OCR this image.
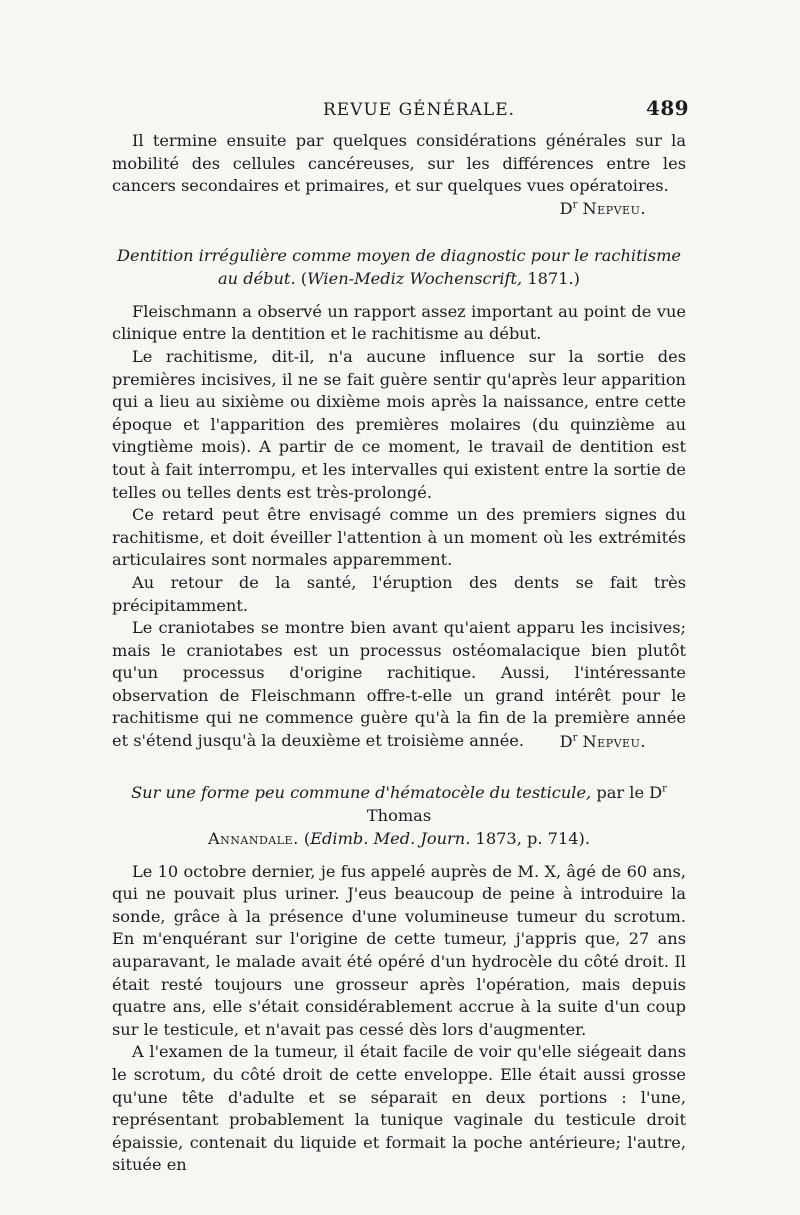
REVUE GÉNÉRALE.	489

Il termine ensuite par quelques considérations générales sur la mobilité des cellules cancéreuses, sur les différences entre les cancers secondaires et primaires, et sur quelques vues opératoires.

$D^r$ Nepveu.
Dentition irrégulière comme moyen de diagnostic pour le rachitisme
au début. (Wien-Mediz Wochenscrift, 1871.)

Fleischmann a observé un rapport assez important au point de vue clinique entre la dentition et le rachitisme au début.

Le rachitisme, dit-il, n'a aucune influence sur la sortie des premières incisives, il ne se fait guère sentir qu'après leur apparition qui a lieu au sixième ou dixième mois après la naissance, entre cette époque et l'apparition des premières molaires (du quinzième au vingtième mois). A partir de ce moment, le travail de dentition est tout à fait interrompu, et les intervalles qui existent entre la sortie de telles ou telles dents est très-prolongé.

Ce retard peut être envisagé comme un des premiers signes du rachitisme, et doit éveiller l'attention à un moment où les extrémités articulaires sont normales apparemment.

Au retour de la santé, l'éruption des dents se fait très précipitamment.

Le craniotabes se montre bien avant qu'aient apparu les incisives; mais le craniotabes est un processus ostéomalacique bien plutôt qu'un processus d'origine rachitique. Aussi, l'intéressante observation de Fleischmann offre-t-elle un grand intérêt pour le rachitisme qui ne commence guère qu'à la fin de la première année et s'étend jusqu'à la deuxième et troisième année.	$D^r$ Nepveu.
Sur une forme peu commune d'hématocèle du testicule, par le $D^r$ Thomas
Annandale. (Edimb. Med. Journ. 1873, p. 714).

Le 10 octobre dernier, je fus appelé auprès de M. X, âgé de 60 ans, qui ne pouvait plus uriner. J'eus beaucoup de peine à introduire la sonde, grâce à la présence d'une volumineuse tumeur du scrotum. En m'enquérant sur l'origine de cette tumeur, j'appris que, 27 ans auparavant, le malade avait été opéré d'un hydrocèle du côté droit. Il était resté toujours une grosseur après l'opération, mais depuis quatre ans, elle s'était considérablement accrue à la suite d'un coup sur le testicule, et n'avait pas cessé dès lors d'augmenter.

A l'examen de la tumeur, il était facile de voir qu'elle siégeait dans le scrotum, du côté droit de cette enveloppe. Elle était aussi grosse qu'une tête d'adulte et se séparait en deux portions : l'une, représentant probablement la tunique vaginale du testicule droit épaissie, contenait du liquide et formait la poche antérieure; l'autre, située en
